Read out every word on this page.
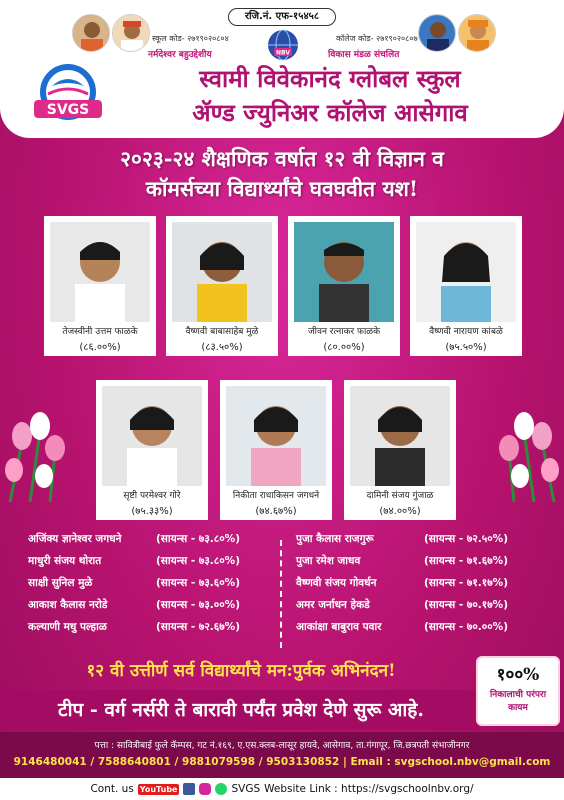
रजि.नं. एफ-१५४५८
स्कूल कोड- २७१९०२०८०४	कॉलेज कोड- २७१९०२०८०७
नर्मदेश्वर बहुउद्देशीय	विकास मंडळ संचलित
NBV
SVGS
स्वामी विवेकानंद ग्लोबल स्कुल
ॲण्ड ज्युनिअर कॉलेज आसेगाव
२०२३-२४ शैक्षणिक वर्षात १२ वी विज्ञान व
कॉमर्सच्या विद्यार्थ्यांचे घवघवीत यश!
तेजस्वीनी उत्तम फाळके
(८६.००%)
वैष्णवी बाबासाहेब मुळे
(८३.५०%)
जीवन रत्नाकर फाळके
(८०.००%)
वैष्णवी नारायण कांबळे
(७५.५०%)
सृष्टी परमेश्वर गोरे
(७५.३३%)
निकीता राधाकिसन जगधने
(७४.६७%)
दामिनी संजय गुंजाळ
(७४.००%)
अजिंक्य ज्ञानेश्वर जगधने	(सायन्स - ७३.८०%)
माधुरी संजय थोरात	(सायन्स - ७३.८०%)
साक्षी सुनिल मुळे	(सायन्स - ७३.६०%)
आकाश कैलास नरोडे	(सायन्स - ७३.००%)
कल्याणी मधु पल्हाळ	(सायन्स - ७२.६७%)
पुजा कैलास राजगुरू	(सायन्स - ७२.५०%)
पुजा रमेश जाधव	(सायन्स - ७१.६७%)
वैष्णवी संजय गोवर्धन	(सायन्स - ७१.१७%)
अमर जर्नाधन हेकडे	(सायन्स - ७०.१७%)
आकांक्षा बाबुराव पवार	(सायन्स - ७०.००%)
१२ वी उत्तीर्ण सर्व विद्यार्थ्यांचे मन:पुर्वक अभिनंदन!
टीप - वर्ग नर्सरी ते बारावी पर्यंत प्रवेश देणे सुरू आहे.
१००%
निकालाची परंपरा
कायम
पत्ता : सावित्रीबाई फुले कॅम्पस, गट नं.१६९, ए.एस.क्लब-लासूर हायवे, आसेगाव, ता.गंगापूर, जि.छत्रपती संभाजीनगर
9146480041 / 7588640801 / 9881079598 / 9503130852 | Email : svgschool.nbv@gmail.com
Cont. us YouTube	SVGS Website Link : https://svgschoolnbv.org/
